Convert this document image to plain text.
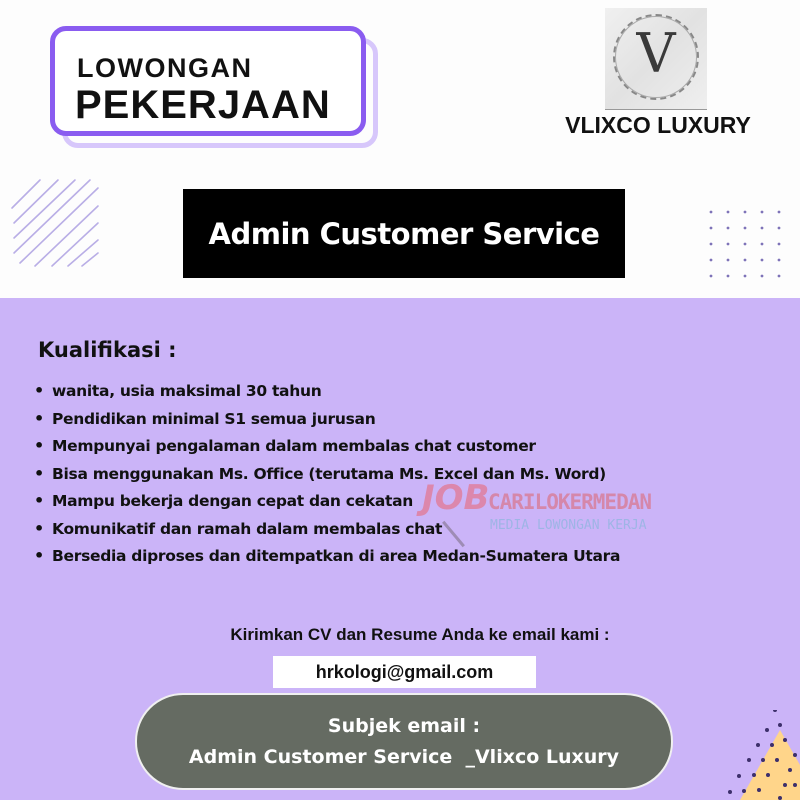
LOWONGAN
PEKERJAAN
V
VLIXCO LUXURY
Admin Customer Service
Kualifikasi :
• wanita, usia maksimal 30 tahun
• Pendidikan minimal S1 semua jurusan
• Mempunyai pengalaman dalam membalas chat customer
• Bisa menggunakan Ms. Office (terutama Ms. Excel dan Ms. Word)
• Mampu bekerja dengan cepat dan cekatan
• Komunikatif dan ramah dalam membalas chat
• Bersedia diproses dan ditempatkan di area Medan-Sumatera Utara
JOB
CARILOKERMEDAN
MEDIA LOWONGAN KERJA
Kirimkan CV dan Resume Anda ke email kami :
hrkologi@gmail.com
Subjek email :
Admin Customer Service  _Vlixco Luxury
